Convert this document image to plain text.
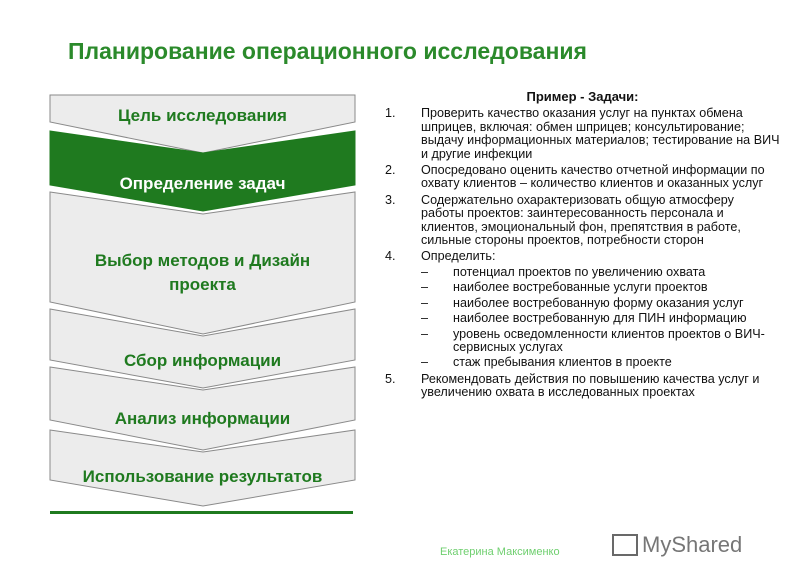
Планирование операционного исследования
Цель исследования
Определение задач
Выбор методов и Дизайн проекта
Сбор информации
Анализ информации
Использование результатов
Пример - Задачи:
1.	Проверить качество оказания услуг на пунктах обмена шприцев, включая: обмен шприцев; консультирование; выдачу информационных материалов; тестирование на ВИЧ и другие инфекции
2.	Опосредовано оценить качество отчетной информации по охвату клиентов – количество клиентов и оказанных услуг
3.	Содержательно охарактеризовать общую атмосферу работы проектов: заинтересованность персонала и клиентов, эмоциональный фон, препятствия в работе, сильные стороны проектов, потребности сторон
4.	Определить:
–	потенциал проектов по увеличению охвата
–	наиболее востребованные услуги проектов
–	наиболее востребованную форму оказания услуг
–	наиболее востребованную для ПИН информацию
–	уровень осведомленности клиентов проектов о ВИЧ-сервисных услугах
–	стаж пребывания клиентов в проекте
5.	Рекомендовать действия по повышению качества услуг и увеличению охвата в исследованных проектах
MyShared
Екатерина Максименко
